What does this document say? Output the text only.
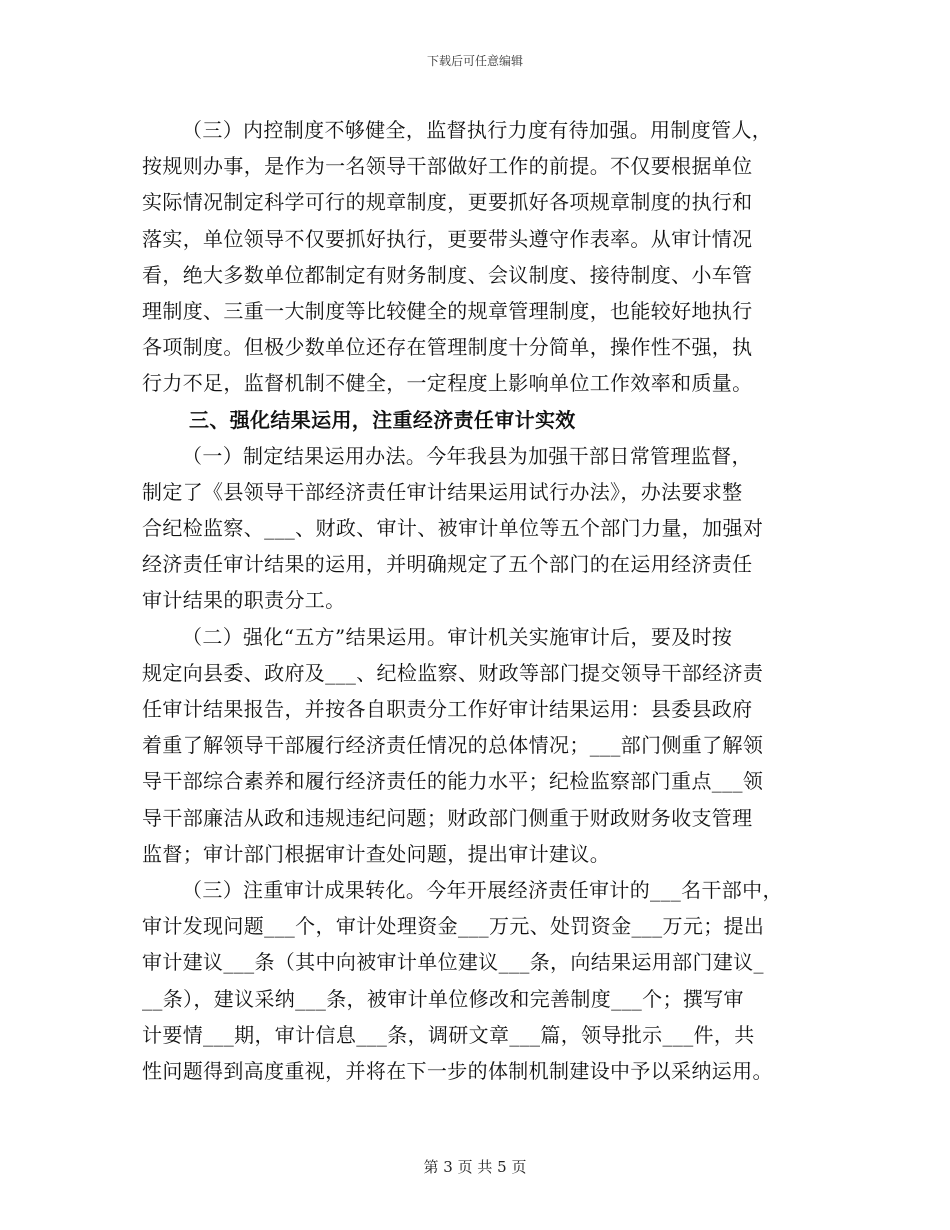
下载后可任意编辑
（三）内控制度不够健全，监督执行力度有待加强。用制度管人，
按规则办事，是作为一名领导干部做好工作的前提。不仅要根据单位
实际情况制定科学可行的规章制度，更要抓好各项规章制度的执行和
落实，单位领导不仅要抓好执行，更要带头遵守作表率。从审计情况
看，绝大多数单位都制定有财务制度、会议制度、接待制度、小车管
理制度、三重一大制度等比较健全的规章管理制度，也能较好地执行
各项制度。但极少数单位还存在管理制度十分简单，操作性不强，执
行力不足，监督机制不健全，一定程度上影响单位工作效率和质量。
三、强化结果运用，注重经济责任审计实效
（一）制定结果运用办法。今年我县为加强干部日常管理监督，
制定了《县领导干部经济责任审计结果运用试行办法》，办法要求整
合纪检监察、___、财政、审计、被审计单位等五个部门力量，加强对
经济责任审计结果的运用，并明确规定了五个部门的在运用经济责任
审计结果的职责分工。
（二）强化“五方”结果运用。审计机关实施审计后，要及时按
规定向县委、政府及___、纪检监察、财政等部门提交领导干部经济责
任审计结果报告，并按各自职责分工作好审计结果运用：县委县政府
着重了解领导干部履行经济责任情况的总体情况；___部门侧重了解领
导干部综合素养和履行经济责任的能力水平；纪检监察部门重点___领
导干部廉洁从政和违规违纪问题；财政部门侧重于财政财务收支管理
监督；审计部门根据审计查处问题，提出审计建议。
（三）注重审计成果转化。今年开展经济责任审计的___名干部中，
审计发现问题___个，审计处理资金___万元、处罚资金___万元；提出
审计建议___条（其中向被审计单位建议___条，向结果运用部门建议_
__条），建议采纳___条，被审计单位修改和完善制度___个；撰写审
计要情___期，审计信息___条，调研文章___篇，领导批示___件，共
性问题得到高度重视，并将在下一步的体制机制建设中予以采纳运用。
第 3 页 共 5 页
